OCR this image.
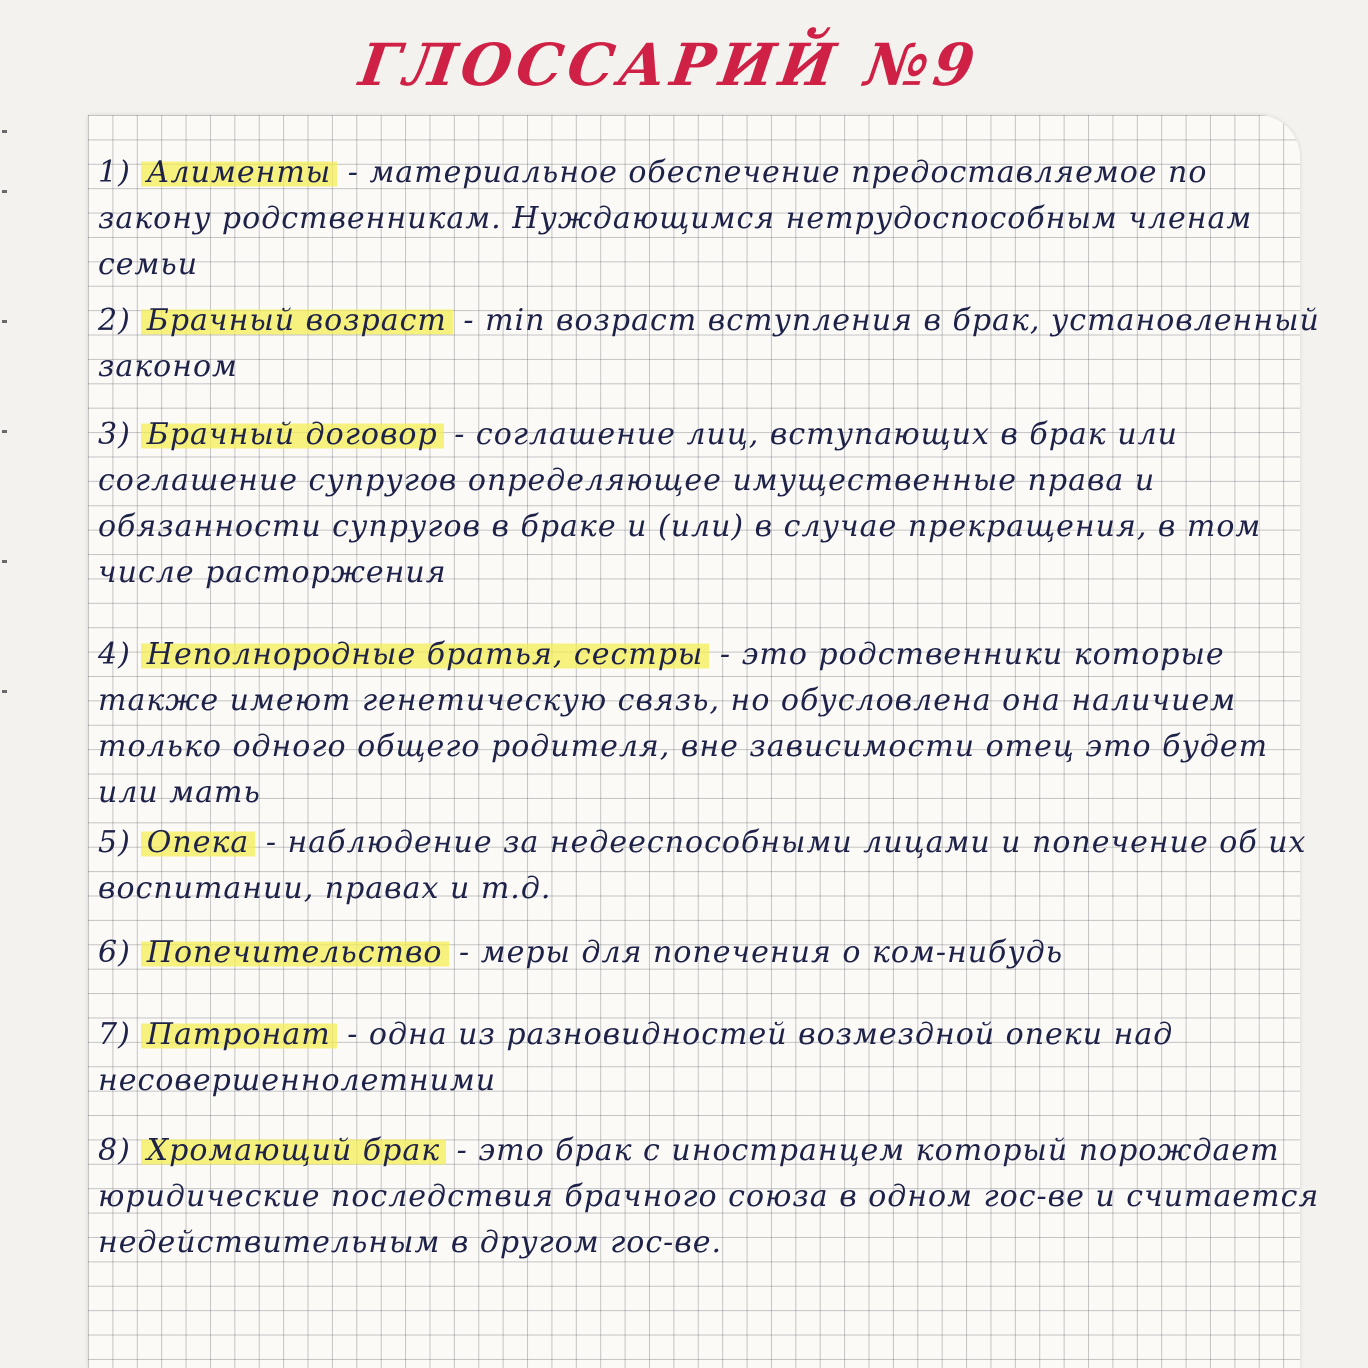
ГЛОССАРИЙ №9
1) Алименты - материальное обеспечение предоставляемое по закону родственникам. Нуждающимся нетрудоспособным членам семьи
2) Брачный возраст - min возраст вступления в брак, установленный законом
3) Брачный договор - соглашение лиц, вступающих в брак или соглашение супругов определяющее имущественные права и обязанности супругов в браке и (или) в случае прекращения, в том числе расторжения
4) Неполнородные братья, сестры - это родственники которые также имеют генетическую связь, но обусловлена она наличием только одного общего родителя, вне зависимости отец это будет или мать
5) Опека - наблюдение за недееспособными лицами и попечение об их воспитании, правах и т.д.
6) Попечительство - меры для попечения о ком-нибудь
7) Патронат - одна из разновидностей возмездной опеки над несовершеннолетними
8) Хромающий брак - это брак с иностранцем который порождает юридические последствия брачного союза в одном гос-ве и считается недействительным в другом гос-ве.
